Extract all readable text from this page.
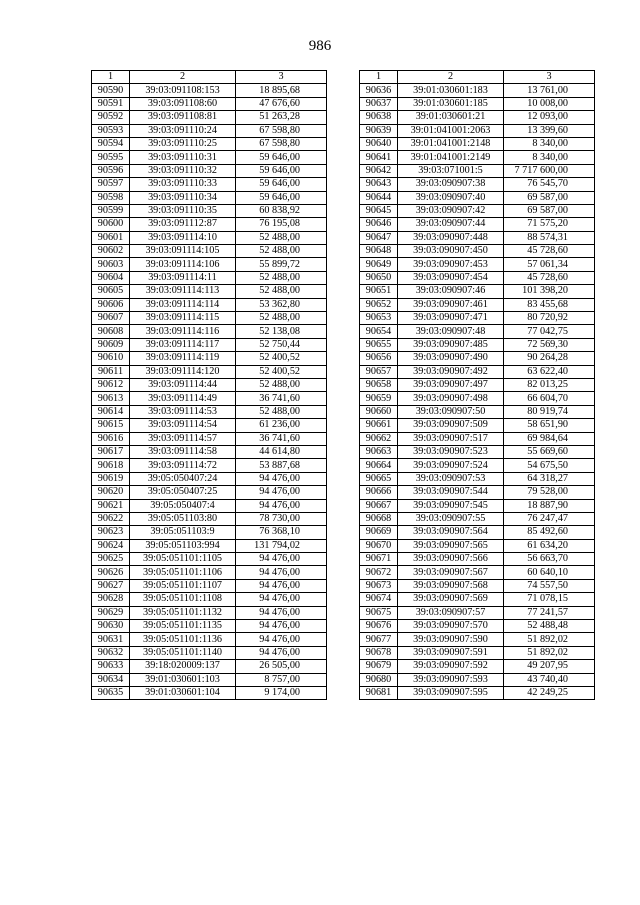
986
1	2	3
90590	39:03:091108:153	18 895,68
90591	39:03:091108:60	47 676,60
90592	39:03:091108:81	51 263,28
90593	39:03:091110:24	67 598,80
90594	39:03:091110:25	67 598,80
90595	39:03:091110:31	59 646,00
90596	39:03:091110:32	59 646,00
90597	39:03:091110:33	59 646,00
90598	39:03:091110:34	59 646,00
90599	39:03:091110:35	60 838,92
90600	39:03:091112:87	76 195,08
90601	39:03:091114:10	52 488,00
90602	39:03:091114:105	52 488,00
90603	39:03:091114:106	55 899,72
90604	39:03:091114:11	52 488,00
90605	39:03:091114:113	52 488,00
90606	39:03:091114:114	53 362,80
90607	39:03:091114:115	52 488,00
90608	39:03:091114:116	52 138,08
90609	39:03:091114:117	52 750,44
90610	39:03:091114:119	52 400,52
90611	39:03:091114:120	52 400,52
90612	39:03:091114:44	52 488,00
90613	39:03:091114:49	36 741,60
90614	39:03:091114:53	52 488,00
90615	39:03:091114:54	61 236,00
90616	39:03:091114:57	36 741,60
90617	39:03:091114:58	44 614,80
90618	39:03:091114:72	53 887,68
90619	39:05:050407:24	94 476,00
90620	39:05:050407:25	94 476,00
90621	39:05:050407:4	94 476,00
90622	39:05:051103:80	78 730,00
90623	39:05:051103:9	76 368,10
90624	39:05:051103:994	131 794,02
90625	39:05:051101:1105	94 476,00
90626	39:05:051101:1106	94 476,00
90627	39:05:051101:1107	94 476,00
90628	39:05:051101:1108	94 476,00
90629	39:05:051101:1132	94 476,00
90630	39:05:051101:1135	94 476,00
90631	39:05:051101:1136	94 476,00
90632	39:05:051101:1140	94 476,00
90633	39:18:020009:137	26 505,00
90634	39:01:030601:103	8 757,00
90635	39:01:030601:104	9 174,00
1	2	3
90636	39:01:030601:183	13 761,00
90637	39:01:030601:185	10 008,00
90638	39:01:030601:21	12 093,00
90639	39:01:041001:2063	13 399,60
90640	39:01:041001:2148	8 340,00
90641	39:01:041001:2149	8 340,00
90642	39:03:071001:5	7 717 600,00
90643	39:03:090907:38	76 545,70
90644	39:03:090907:40	69 587,00
90645	39:03:090907:42	69 587,00
90646	39:03:090907:44	71 575,20
90647	39:03:090907:448	88 574,31
90648	39:03:090907:450	45 728,60
90649	39:03:090907:453	57 061,34
90650	39:03:090907:454	45 728,60
90651	39:03:090907:46	101 398,20
90652	39:03:090907:461	83 455,68
90653	39:03:090907:471	80 720,92
90654	39:03:090907:48	77 042,75
90655	39:03:090907:485	72 569,30
90656	39:03:090907:490	90 264,28
90657	39:03:090907:492	63 622,40
90658	39:03:090907:497	82 013,25
90659	39:03:090907:498	66 604,70
90660	39:03:090907:50	80 919,74
90661	39:03:090907:509	58 651,90
90662	39:03:090907:517	69 984,64
90663	39:03:090907:523	55 669,60
90664	39:03:090907:524	54 675,50
90665	39:03:090907:53	64 318,27
90666	39:03:090907:544	79 528,00
90667	39:03:090907:545	18 887,90
90668	39:03:090907:55	76 247,47
90669	39:03:090907:564	85 492,60
90670	39:03:090907:565	61 634,20
90671	39:03:090907:566	56 663,70
90672	39:03:090907:567	60 640,10
90673	39:03:090907:568	74 557,50
90674	39:03:090907:569	71 078,15
90675	39:03:090907:57	77 241,57
90676	39:03:090907:570	52 488,48
90677	39:03:090907:590	51 892,02
90678	39:03:090907:591	51 892,02
90679	39:03:090907:592	49 207,95
90680	39:03:090907:593	43 740,40
90681	39:03:090907:595	42 249,25
